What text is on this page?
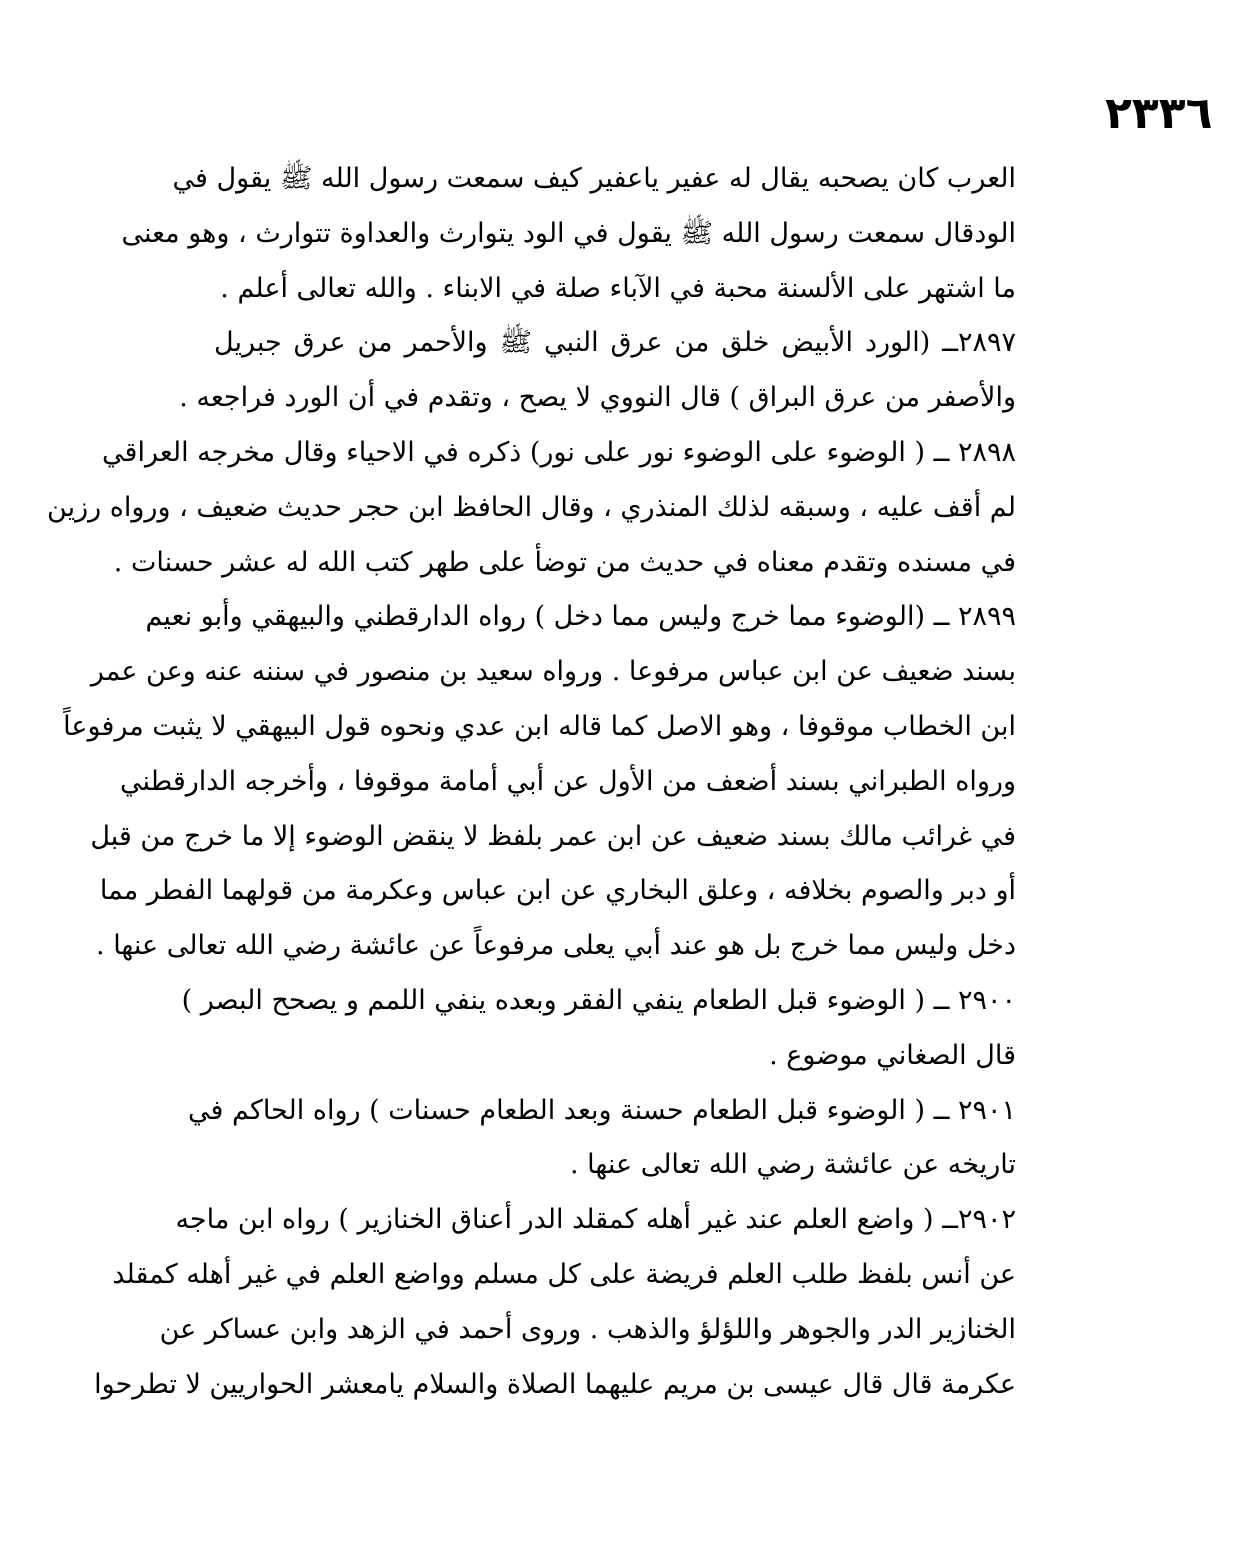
٢٣٣٦
العرب كان يصحبه يقال له عفير ياعفير كيف سمعت رسول الله ﷺ يقول في
الودقال سمعت رسول الله ﷺ يقول في الود يتوارث والعداوة تتوارث ، وهو معنى
ما اشتهر على الألسنة محبة في الآباء صلة في الابناء . والله تعالى أعلم .
٢٨٩٧ــ (الورد الأبيض خلق من عرق النبي ﷺ والأحمر من عرق جبريل
والأصفر من عرق البراق ) قال النووي لا يصح ، وتقدم في أن الورد فراجعه .
٢٨٩٨ ــ ( الوضوء على الوضوء نور على نور) ذكره في الاحياء وقال مخرجه العراقي
لم أقف عليه ، وسبقه لذلك المنذري ، وقال الحافظ ابن حجر حديث ضعيف ، ورواه رزين
في مسنده وتقدم معناه في حديث من توضأ على طهر كتب الله له عشر حسنات .
٢٨٩٩ ــ (الوضوء مما خرج وليس مما دخل ) رواه الدارقطني والبيهقي وأبو نعيم
بسند ضعيف عن ابن عباس مرفوعا . ورواه سعيد بن منصور في سننه عنه وعن عمر
ابن الخطاب موقوفا ، وهو الاصل كما قاله ابن عدي ونحوه قول البيهقي لا يثبت مرفوعاً
ورواه الطبراني بسند أضعف من الأول عن أبي أمامة موقوفا ، وأخرجه الدارقطني
في غرائب مالك بسند ضعيف عن ابن عمر بلفظ لا ينقض الوضوء إلا ما خرج من قبل
أو دبر والصوم بخلافه ، وعلق البخاري عن ابن عباس وعكرمة من قولهما الفطر مما
دخل وليس مما خرج بل هو عند أبي يعلى مرفوعاً عن عائشة رضي الله تعالى عنها .
٢٩٠٠ ــ ( الوضوء قبل الطعام ينفي الفقر وبعده ينفي اللمم و يصحح البصر )
قال الصغاني موضوع .
٢٩٠١ ــ ( الوضوء قبل الطعام حسنة وبعد الطعام حسنات ) رواه الحاكم في
تاريخه عن عائشة رضي الله تعالى عنها .
٢٩٠٢ــ ( واضع العلم عند غير أهله كمقلد الدر أعناق الخنازير ) رواه ابن ماجه
عن أنس بلفظ طلب العلم فريضة على كل مسلم وواضع العلم في غير أهله كمقلد
الخنازير الدر والجوهر واللؤلؤ والذهب . وروى أحمد في الزهد وابن عساكر عن
عكرمة قال قال عيسى بن مريم عليهما الصلاة والسلام يامعشر الحواريين لا تطرحوا
